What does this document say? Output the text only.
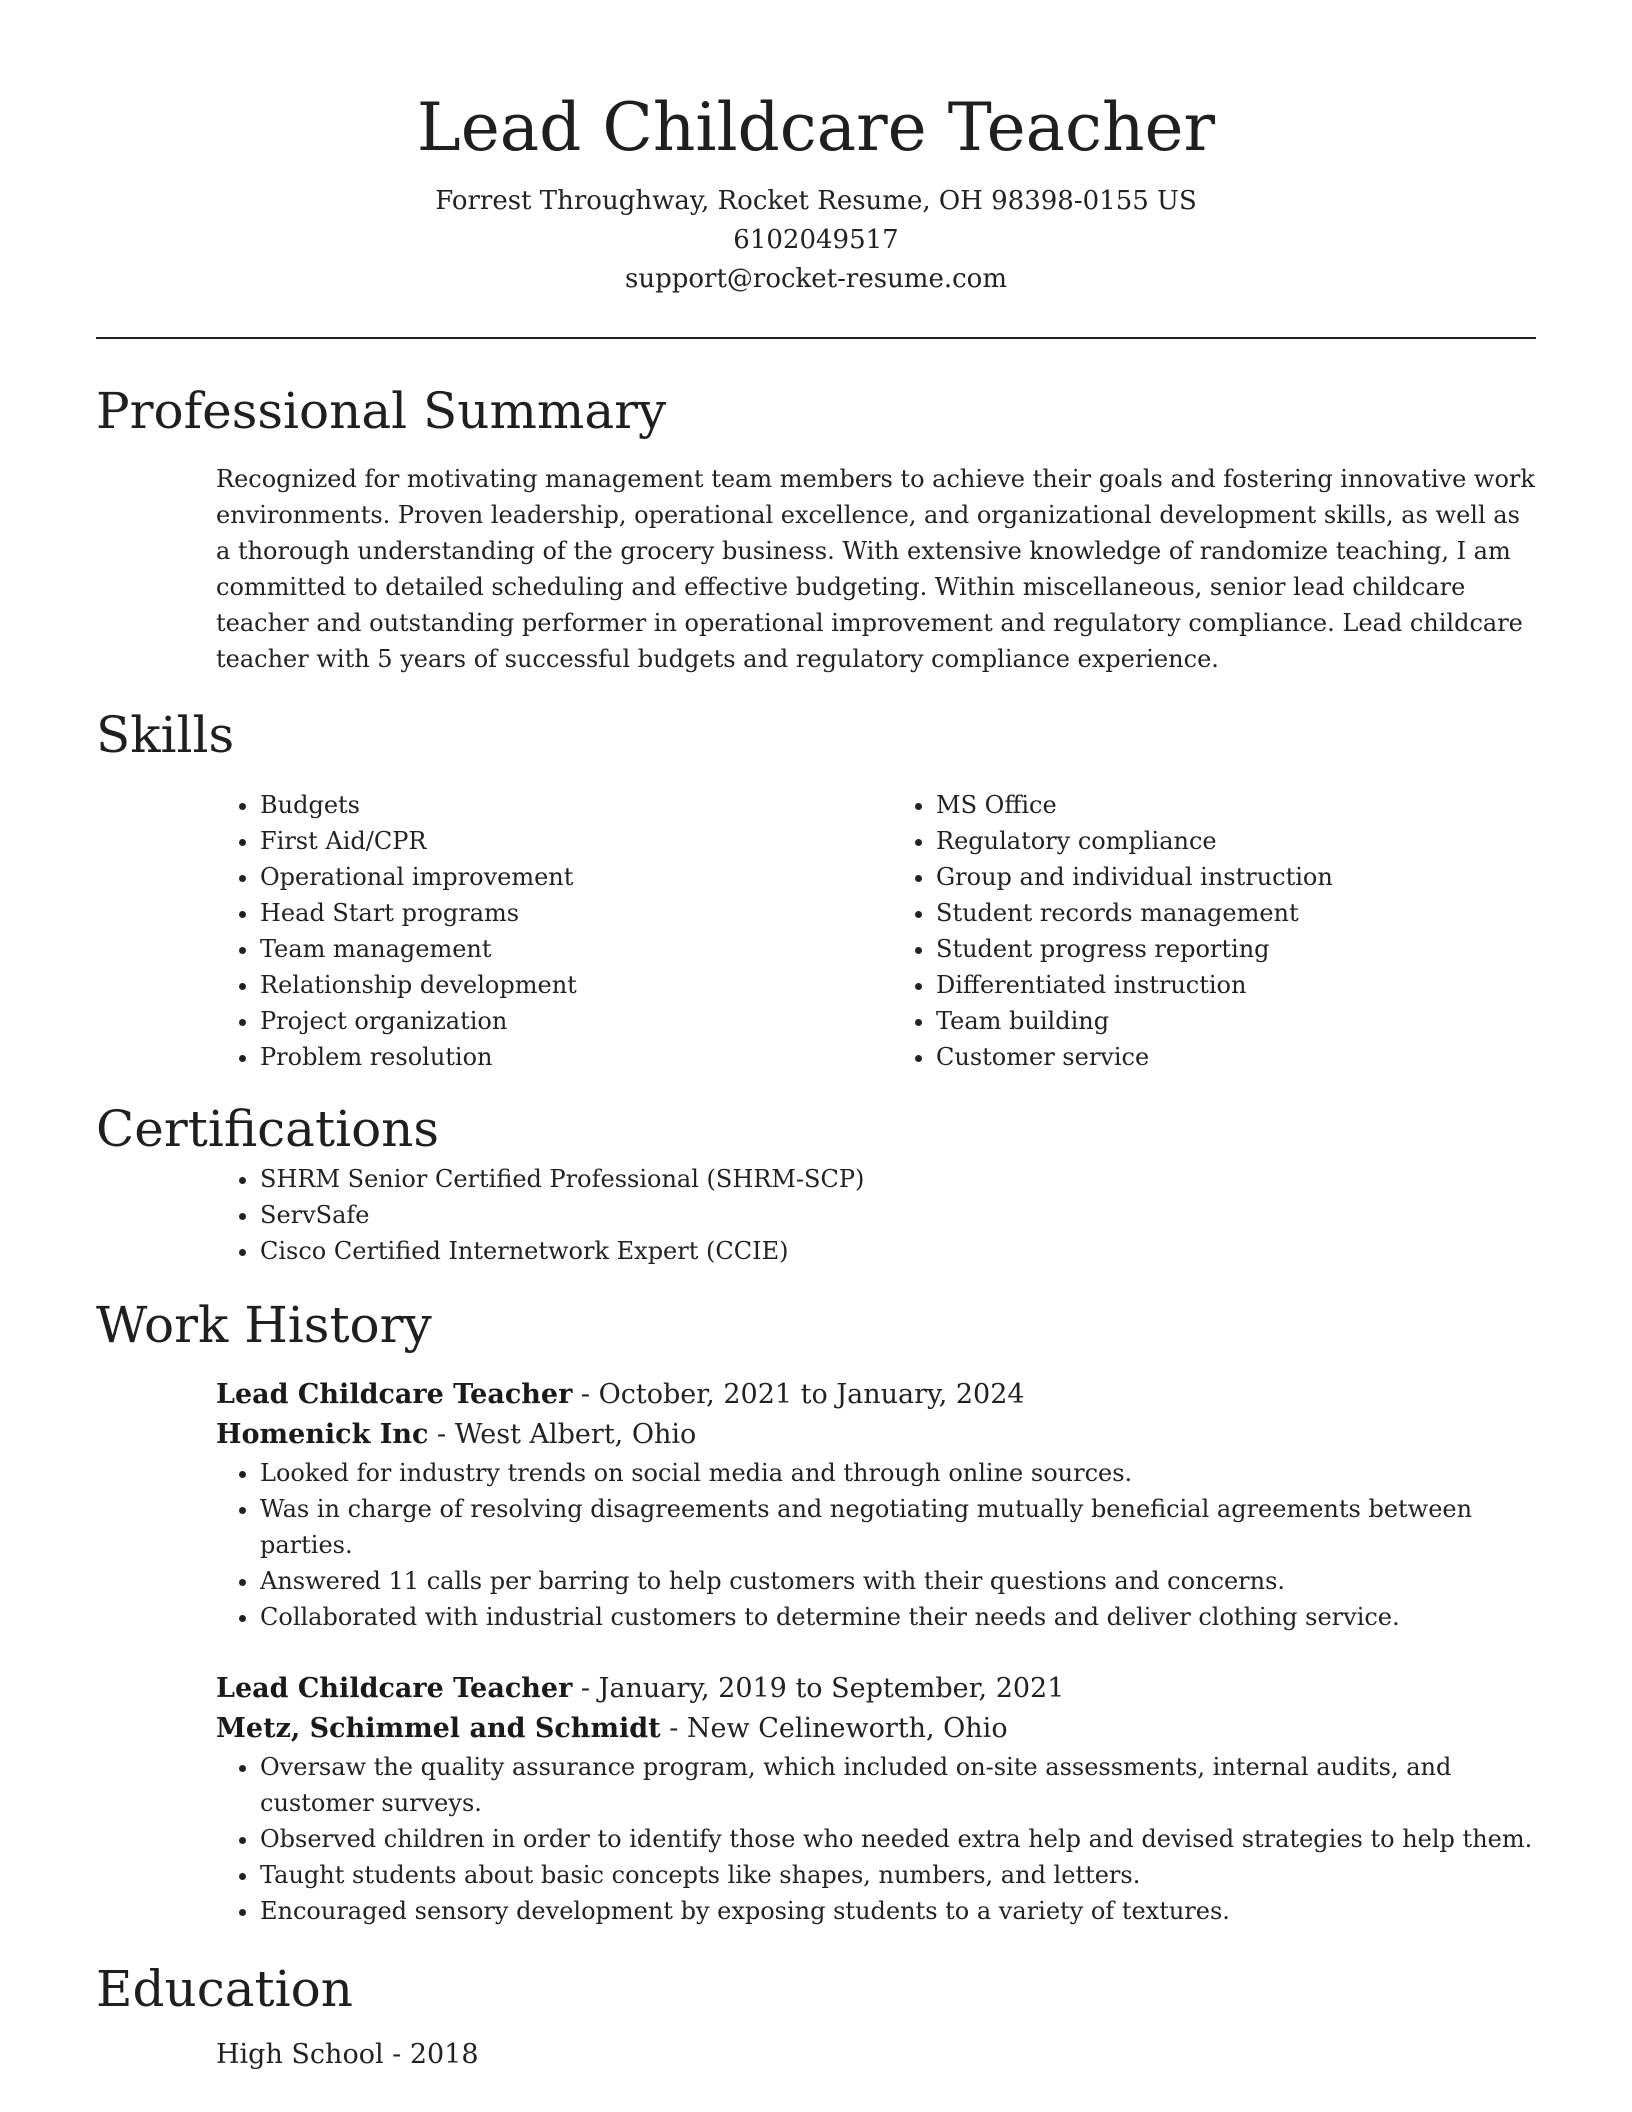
Lead Childcare Teacher
Forrest Throughway, Rocket Resume, OH 98398-0155 US
6102049517
support@rocket-resume.com
Professional Summary

Recognized for motivating management team members to achieve their goals and fostering innovative work environments. Proven leadership, operational excellence, and organizational development skills, as well as a thorough understanding of the grocery business. With extensive knowledge of randomize teaching, I am committed to detailed scheduling and effective budgeting. Within miscellaneous, senior lead childcare teacher and outstanding performer in operational improvement and regulatory compliance. Lead childcare teacher with 5 years of successful budgets and regulatory compliance experience.

Skills
• Budgets
• First Aid/CPR
• Operational improvement
• Head Start programs
• Team management
• Relationship development
• Project organization
• Problem resolution
• MS Office
• Regulatory compliance
• Group and individual instruction
• Student records management
• Student progress reporting
• Differentiated instruction
• Team building
• Customer service
Certifications
• SHRM Senior Certified Professional (SHRM-SCP)
• ServSafe
• Cisco Certified Internetwork Expert (CCIE)
Work History
Lead Childcare Teacher - October, 2021 to January, 2024
Homenick Inc - West Albert, Ohio
• Looked for industry trends on social media and through online sources.
• Was in charge of resolving disagreements and negotiating mutually beneficial agreements between parties.
• Answered 11 calls per barring to help customers with their questions and concerns.
• Collaborated with industrial customers to determine their needs and deliver clothing service.
Lead Childcare Teacher - January, 2019 to September, 2021
Metz, Schimmel and Schmidt - New Celineworth, Ohio
• Oversaw the quality assurance program, which included on-site assessments, internal audits, and customer surveys.
• Observed children in order to identify those who needed extra help and devised strategies to help them.
• Taught students about basic concepts like shapes, numbers, and letters.
• Encouraged sensory development by exposing students to a variety of textures.
Education
High School - 2018
